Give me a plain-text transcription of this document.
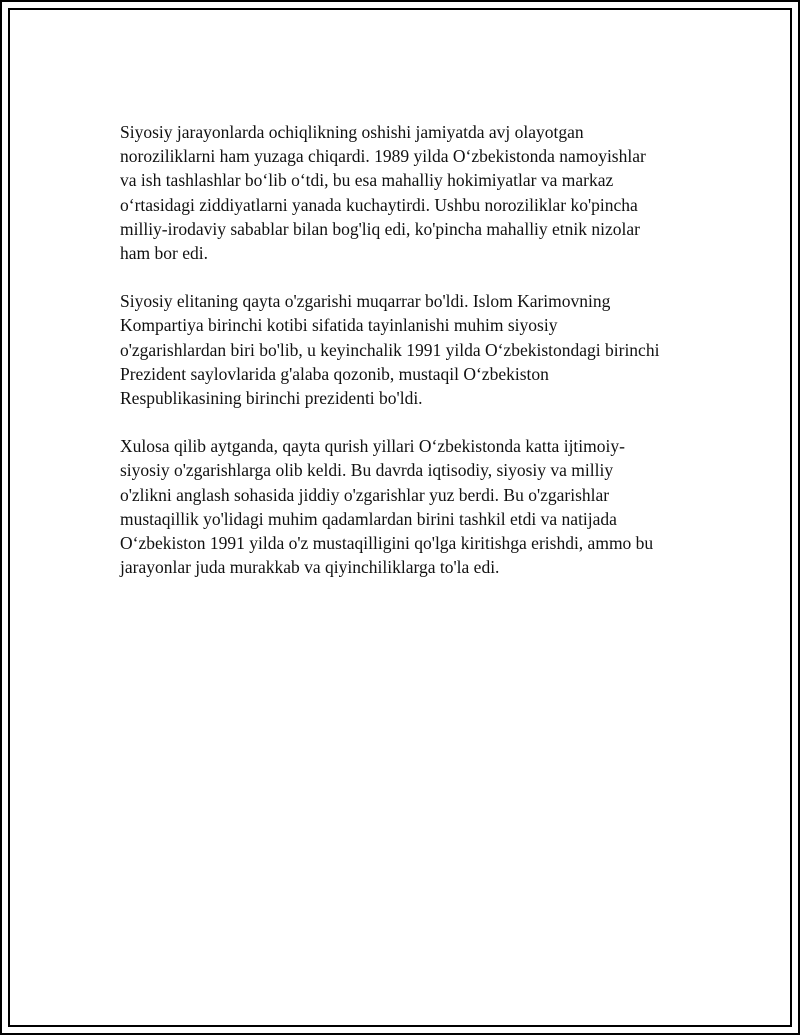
Siyosiy jarayonlarda ochiqlikning oshishi jamiyatda avj olayotgan
noroziliklarni ham yuzaga chiqardi. 1989 yilda O‘zbekistonda namoyishlar
va ish tashlashlar bo‘lib o‘tdi, bu esa mahalliy hokimiyatlar va markaz
o‘rtasidagi ziddiyatlarni yanada kuchaytirdi. Ushbu noroziliklar ko'pincha
milliy-irodaviy sabablar bilan bog'liq edi, ko'pincha mahalliy etnik nizolar
ham bor edi.

Siyosiy elitaning qayta o'zgarishi muqarrar bo'ldi. Islom Karimovning
Kompartiya birinchi kotibi sifatida tayinlanishi muhim siyosiy
o'zgarishlardan biri bo'lib, u keyinchalik 1991 yilda O‘zbekistondagi birinchi
Prezident saylovlarida g'alaba qozonib, mustaqil O‘zbekiston
Respublikasining birinchi prezidenti bo'ldi.

Xulosa qilib aytganda, qayta qurish yillari O‘zbekistonda katta ijtimoiy-
siyosiy o'zgarishlarga olib keldi. Bu davrda iqtisodiy, siyosiy va milliy
o'zlikni anglash sohasida jiddiy o'zgarishlar yuz berdi. Bu o'zgarishlar
mustaqillik yo'lidagi muhim qadamlardan birini tashkil etdi va natijada
O‘zbekiston 1991 yilda o'z mustaqilligini qo'lga kiritishga erishdi, ammo bu
jarayonlar juda murakkab va qiyinchiliklarga to'la edi.
